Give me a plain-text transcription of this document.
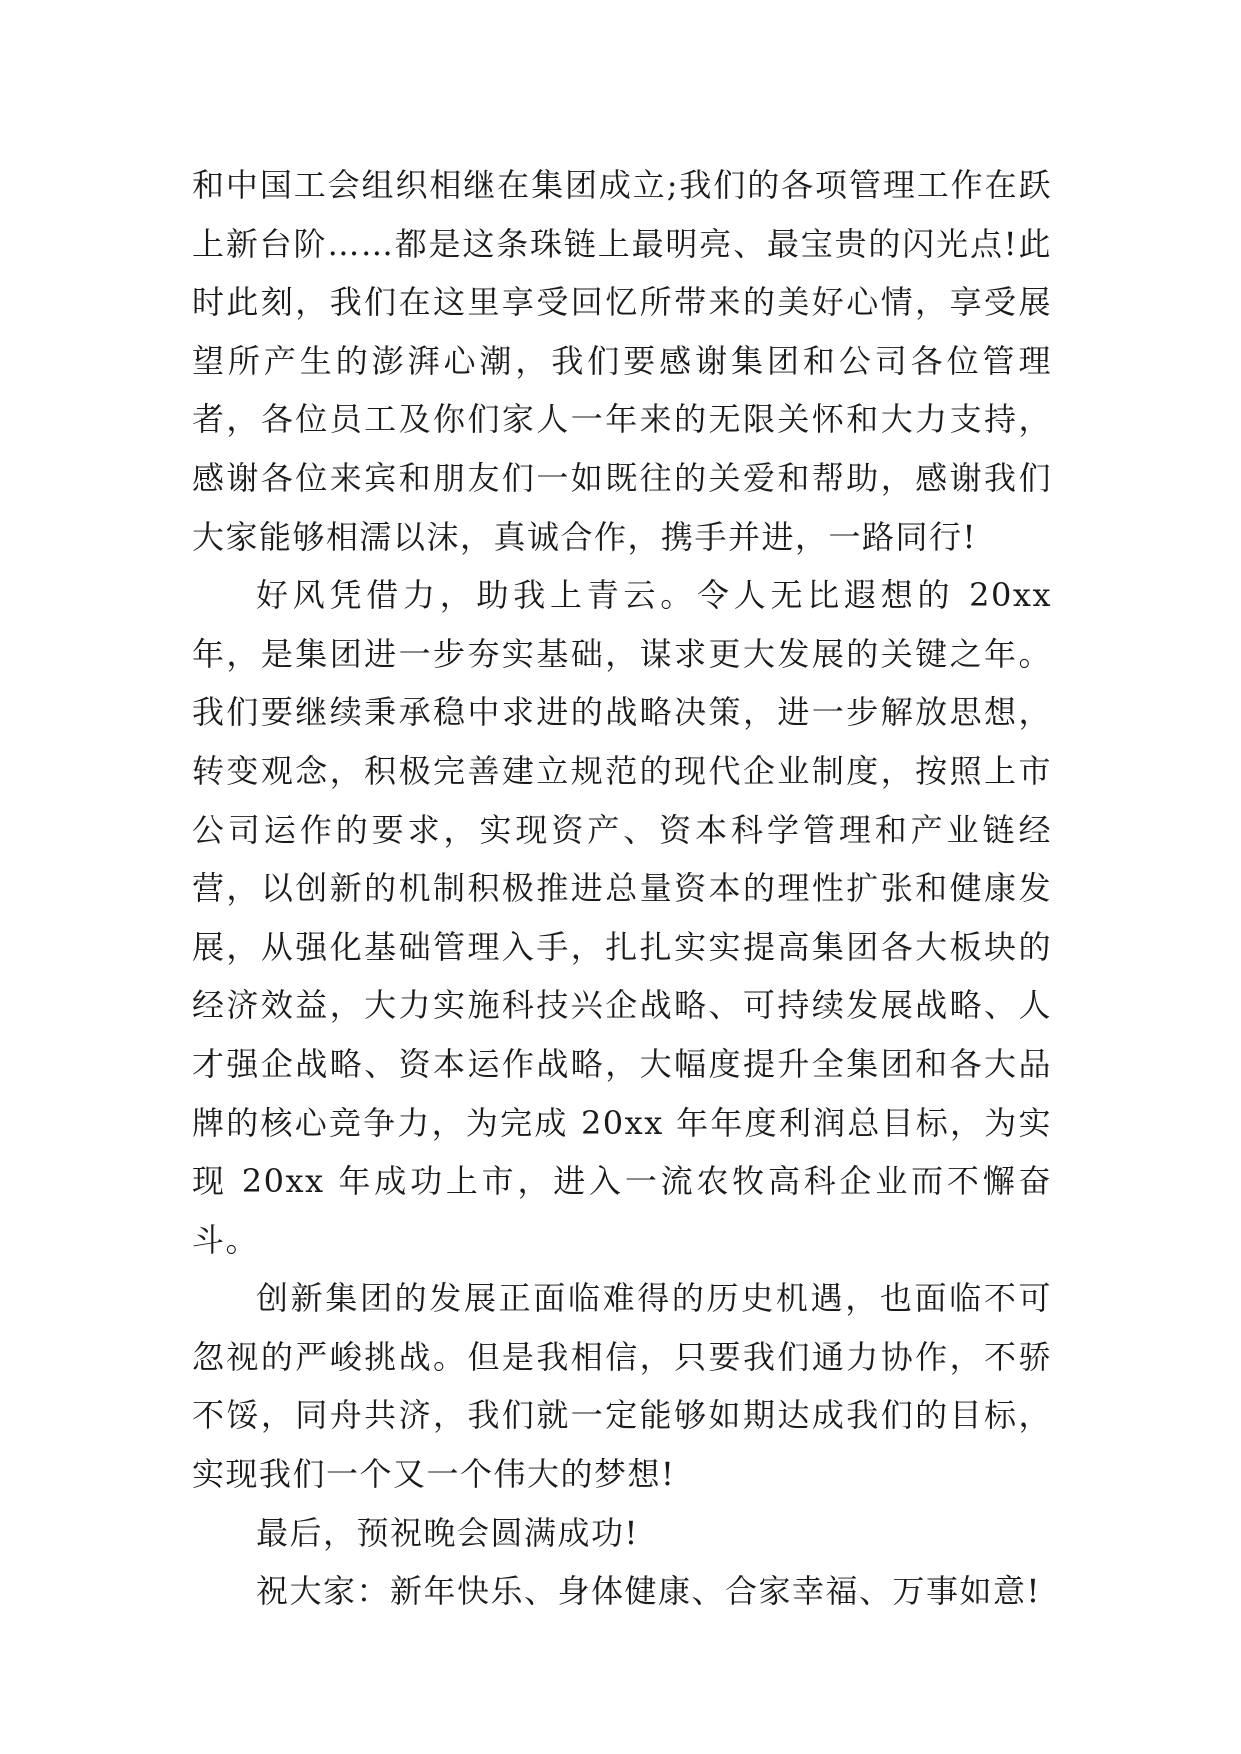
和中国工会组织相继在集团成立;我们的各项管理工作在跃上新台阶……都是这条珠链上最明亮、最宝贵的闪光点!此时此刻，我们在这里享受回忆所带来的美好心情，享受展望所产生的澎湃心潮，我们要感谢集团和公司各位管理者，各位员工及你们家人一年来的无限关怀和大力支持，感谢各位来宾和朋友们一如既往的关爱和帮助，感谢我们大家能够相濡以沫，真诚合作，携手并进，一路同行!

好风凭借力，助我上青云。令人无比遐想的 20xx 年，是集团进一步夯实基础，谋求更大发展的关键之年。我们要继续秉承稳中求进的战略决策，进一步解放思想，转变观念，积极完善建立规范的现代企业制度，按照上市公司运作的要求，实现资产、资本科学管理和产业链经营，以创新的机制积极推进总量资本的理性扩张和健康发展，从强化基础管理入手，扎扎实实提高集团各大板块的经济效益，大力实施科技兴企战略、可持续发展战略、人才强企战略、资本运作战略，大幅度提升全集团和各大品牌的核心竞争力，为完成 20xx 年年度利润总目标，为实现 20xx 年成功上市，进入一流农牧高科企业而不懈奋斗。

创新集团的发展正面临难得的历史机遇，也面临不可忽视的严峻挑战。但是我相信，只要我们通力协作，不骄不馁，同舟共济，我们就一定能够如期达成我们的目标，实现我们一个又一个伟大的梦想!

最后，预祝晚会圆满成功!

祝大家：新年快乐、身体健康、合家幸福、万事如意!
